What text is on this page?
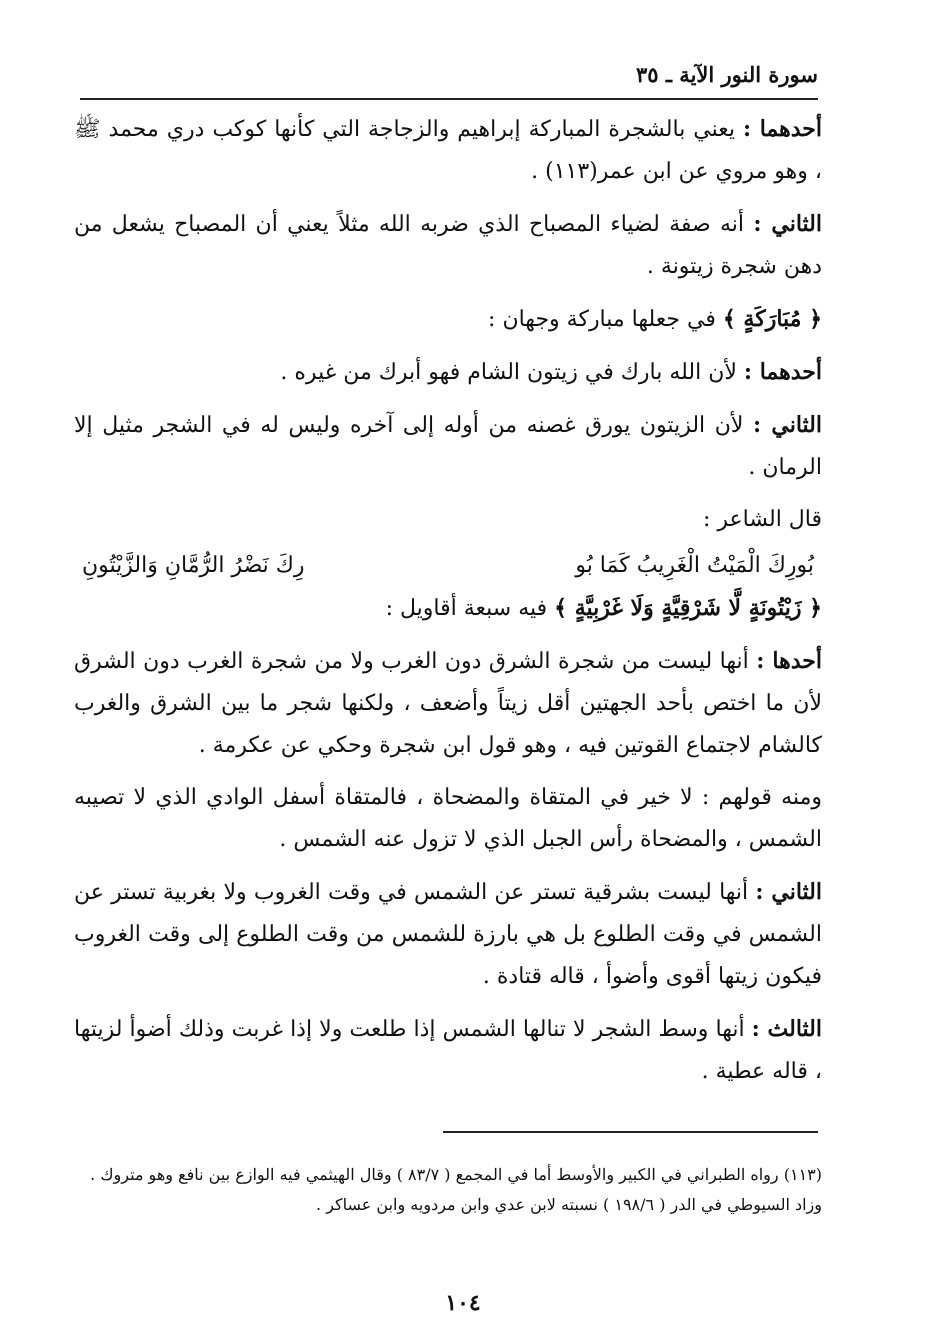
سورة النور الآية ـ ٣٥

أحدهما : يعني بالشجرة المباركة إبراهيم والزجاجة التي كأنها كوكب دري محمد ﷺ ، وهو مروي عن ابن عمر(١١٣) .

الثاني : أنه صفة لضياء المصباح الذي ضربه الله مثلاً يعني أن المصباح يشعل من دهن شجرة زيتونة .

﴿ مُبَارَكَةٍ ﴾ في جعلها مباركة وجهان :

أحدهما : لأن الله بارك في زيتون الشام فهو أبرك من غيره .

الثاني : لأن الزيتون يورق غصنه من أوله إلى آخره وليس له في الشجر مثيل إلا الرمان .

قال الشاعر :

بُورِكَ الْمَيْتُ الْغَرِيبُ كَمَا بُو
رِكَ نَضْرُ الرُّمَّانِ وَالزَّيْتُونِ

﴿ زَيْتُونَةٍ لَّا شَرْقِيَّةٍ وَلَا غَرْبِيَّةٍ ﴾ فيه سبعة أقاويل :

أحدها : أنها ليست من شجرة الشرق دون الغرب ولا من شجرة الغرب دون الشرق لأن ما اختص بأحد الجهتين أقل زيتاً وأضعف ، ولكنها شجر ما بين الشرق والغرب كالشام لاجتماع القوتين فيه ، وهو قول ابن شجرة وحكي عن عكرمة .

ومنه قولهم : لا خير في المتقاة والمضحاة ، فالمتقاة أسفل الوادي الذي لا تصيبه الشمس ، والمضحاة رأس الجبل الذي لا تزول عنه الشمس .

الثاني : أنها ليست بشرقية تستر عن الشمس في وقت الغروب ولا بغربية تستر عن الشمس في وقت الطلوع بل هي بارزة للشمس من وقت الطلوع إلى وقت الغروب فيكون زيتها أقوى وأضوأ ، قاله قتادة .

الثالث : أنها وسط الشجر لا تنالها الشمس إذا طلعت ولا إذا غربت وذلك أضوأ لزيتها ، قاله عطية .

(١١٣) رواه الطبراني في الكبير والأوسط أما في المجمع ( ٨٣/٧ ) وقال الهيثمي فيه الوازع بين نافع وهو متروك .

وزاد السيوطي في الدر ( ١٩٨/٦ ) نسبته لابن عدي وابن مردويه وابن عساكر .

١٠٤
